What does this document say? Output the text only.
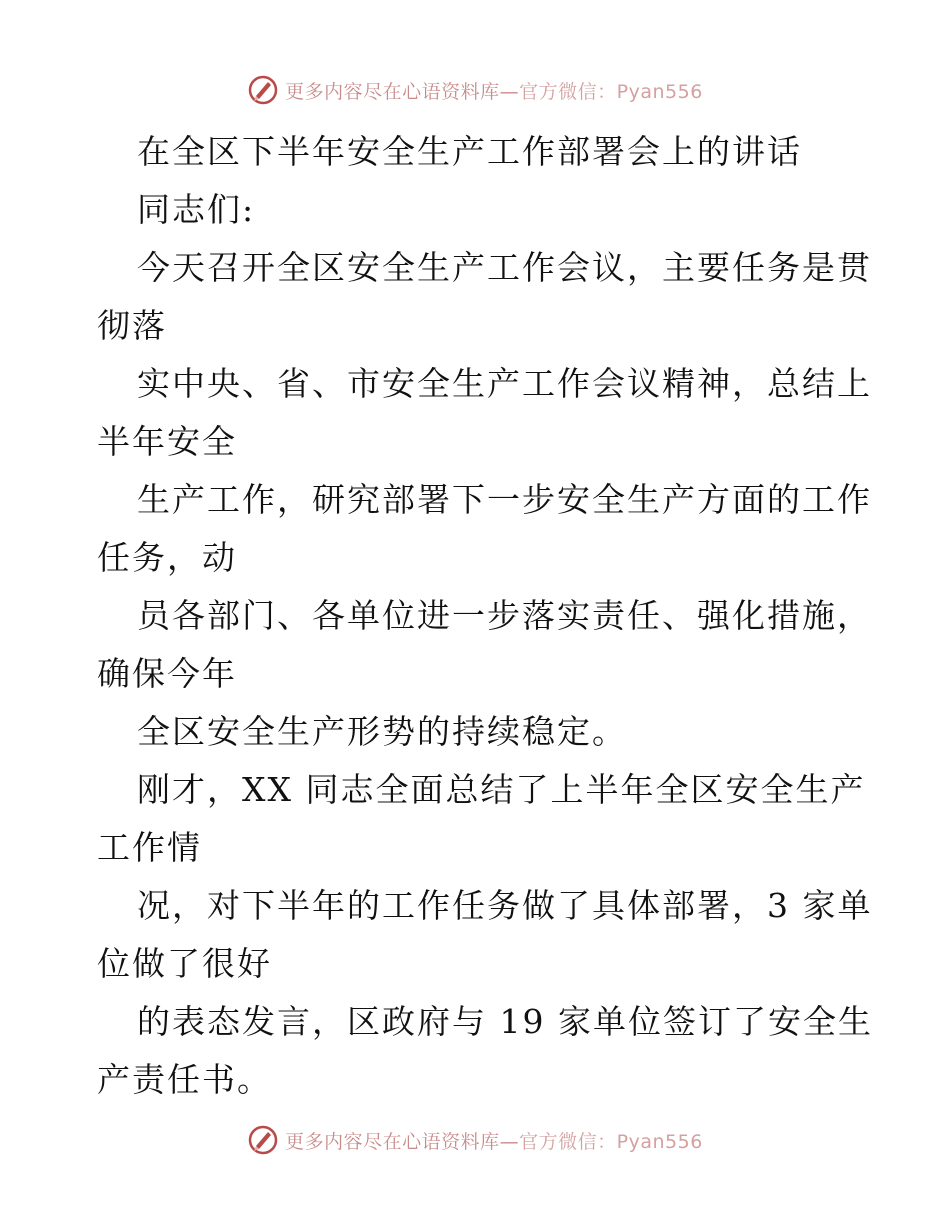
更多内容尽在心语资料库—官方微信：Pyan556
在全区下半年安全生产工作部署会上的讲话
同志们:
今天召开全区安全生产工作会议，主要任务是贯
彻落
实中央、省、市安全生产工作会议精神，总结上
半年安全
生产工作，研究部署下一步安全生产方面的工作
任务，动
员各部门、各单位进一步落实责任、强化措施，
确保今年
全区安全生产形势的持续稳定。
刚才，XX 同志全面总结了上半年全区安全生产
工作情
况，对下半年的工作任务做了具体部署，3 家单
位做了很好
的表态发言，区政府与 19 家单位签订了安全生
产责任书。
更多内容尽在心语资料库—官方微信：Pyan556
